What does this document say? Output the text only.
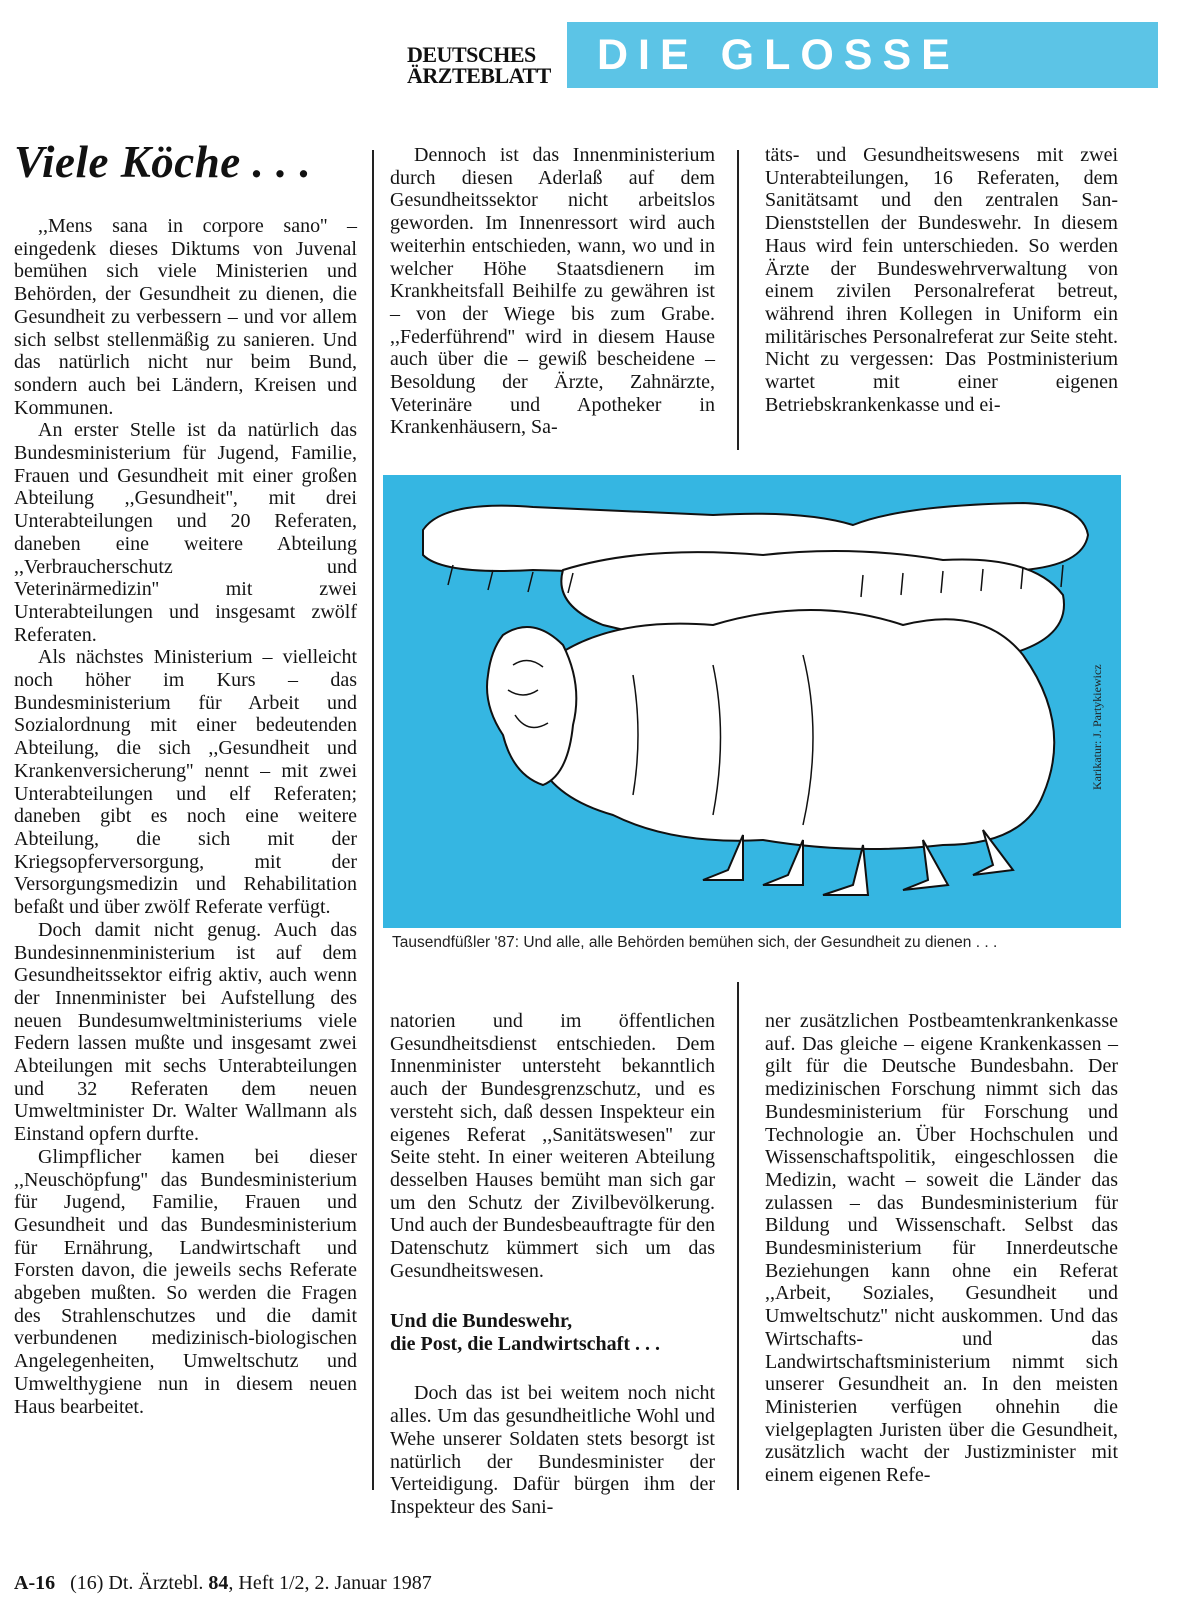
DEUTSCHES
ÄRZTEBLATT	DIE GLOSSE
Viele Köche . . .

,,Mens sana in corpore sano'' – eingedenk dieses Diktums von Juvenal bemühen sich viele Ministerien und Behörden, der Gesundheit zu dienen, die Gesundheit zu verbessern – und vor allem sich selbst stellenmäßig zu sanieren. Und das natürlich nicht nur beim Bund, sondern auch bei Ländern, Kreisen und Kommunen.

An erster Stelle ist da natürlich das Bundesministerium für Jugend, Familie, Frauen und Gesundheit mit einer großen Abteilung ,,Gesundheit'', mit drei Unterabteilungen und 20 Referaten, daneben eine weitere Abteilung ,,Verbraucherschutz und Veterinärmedizin'' mit zwei Unterabteilungen und insgesamt zwölf Referaten.

Als nächstes Ministerium – vielleicht noch höher im Kurs – das Bundesministerium für Arbeit und Sozialordnung mit einer bedeutenden Abteilung, die sich ,,Gesundheit und Krankenversicherung'' nennt – mit zwei Unterabteilungen und elf Referaten; daneben gibt es noch eine weitere Abteilung, die sich mit der Kriegsopferversorgung, mit der Versorgungsmedizin und Rehabilitation befaßt und über zwölf Referate verfügt.

Doch damit nicht genug. Auch das Bundesinnenministerium ist auf dem Gesundheitssektor eifrig aktiv, auch wenn der Innenminister bei Aufstellung des neuen Bundesumweltministeriums viele Federn lassen mußte und insgesamt zwei Abteilungen mit sechs Unterabteilungen und 32 Referaten dem neuen Umweltminister Dr. Walter Wallmann als Einstand opfern durfte.

Glimpflicher kamen bei dieser ,,Neuschöpfung'' das Bundesministerium für Jugend, Familie, Frauen und Gesundheit und das Bundesministerium für Ernährung, Landwirtschaft und Forsten davon, die jeweils sechs Referate abgeben mußten. So werden die Fragen des Strahlenschutzes und die damit verbundenen medizinisch-biologischen Angelegenheiten, Umweltschutz und Umwelthygiene nun in diesem neuen Haus bearbeitet.

Dennoch ist das Innenministerium durch diesen Aderlaß auf dem Gesundheitssektor nicht arbeitslos geworden. Im Innenressort wird auch weiterhin entschieden, wann, wo und in welcher Höhe Staatsdienern im Krankheitsfall Beihilfe zu gewähren ist – von der Wiege bis zum Grabe. ,,Federführend'' wird in diesem Hause auch über die – gewiß bescheidene – Besoldung der Ärzte, Zahnärzte, Veterinäre und Apotheker in Krankenhäusern, Sa-

täts- und Gesundheitswesens mit zwei Unterabteilungen, 16 Referaten, dem Sanitätsamt und den zentralen San-Dienststellen der Bundeswehr. In diesem Haus wird fein unterschieden. So werden Ärzte der Bundeswehrverwaltung von einem zivilen Personalreferat betreut, während ihren Kollegen in Uniform ein militärisches Personalreferat zur Seite steht. Nicht zu vergessen: Das Postministerium wartet mit einer eigenen Betriebskrankenkasse und ei-

Tausendfüßler '87: Und alle, alle Behörden bemühen sich, der Gesundheit zu dienen . . .

Karikatur: J. Partykiewicz

natorien und im öffentlichen Gesundheitsdienst entschieden. Dem Innenminister untersteht bekanntlich auch der Bundesgrenzschutz, und es versteht sich, daß dessen Inspekteur ein eigenes Referat ,,Sanitätswesen'' zur Seite steht. In einer weiteren Abteilung desselben Hauses bemüht man sich gar um den Schutz der Zivilbevölkerung. Und auch der Bundesbeauftragte für den Datenschutz kümmert sich um das Gesundheitswesen.

Und die Bundeswehr,
die Post, die Landwirtschaft . . .

Doch das ist bei weitem noch nicht alles. Um das gesundheitliche Wohl und Wehe unserer Soldaten stets besorgt ist natürlich der Bundesminister der Verteidigung. Dafür bürgen ihm der Inspekteur des Sani-

ner zusätzlichen Postbeamtenkrankenkasse auf. Das gleiche – eigene Krankenkassen – gilt für die Deutsche Bundesbahn. Der medizinischen Forschung nimmt sich das Bundesministerium für Forschung und Technologie an. Über Hochschulen und Wissenschaftspolitik, eingeschlossen die Medizin, wacht – soweit die Länder das zulassen – das Bundesministerium für Bildung und Wissenschaft. Selbst das Bundesministerium für Innerdeutsche Beziehungen kann ohne ein Referat ,,Arbeit, Soziales, Gesundheit und Umweltschutz'' nicht auskommen. Und das Wirtschafts- und das Landwirtschaftsministerium nimmt sich unserer Gesundheit an. In den meisten Ministerien verfügen ohnehin die vielgeplagten Juristen über die Gesundheit, zusätzlich wacht der Justizminister mit einem eigenen Refe-

A-16 (16) Dt. Ärztebl. 84, Heft 1/2, 2. Januar 1987
